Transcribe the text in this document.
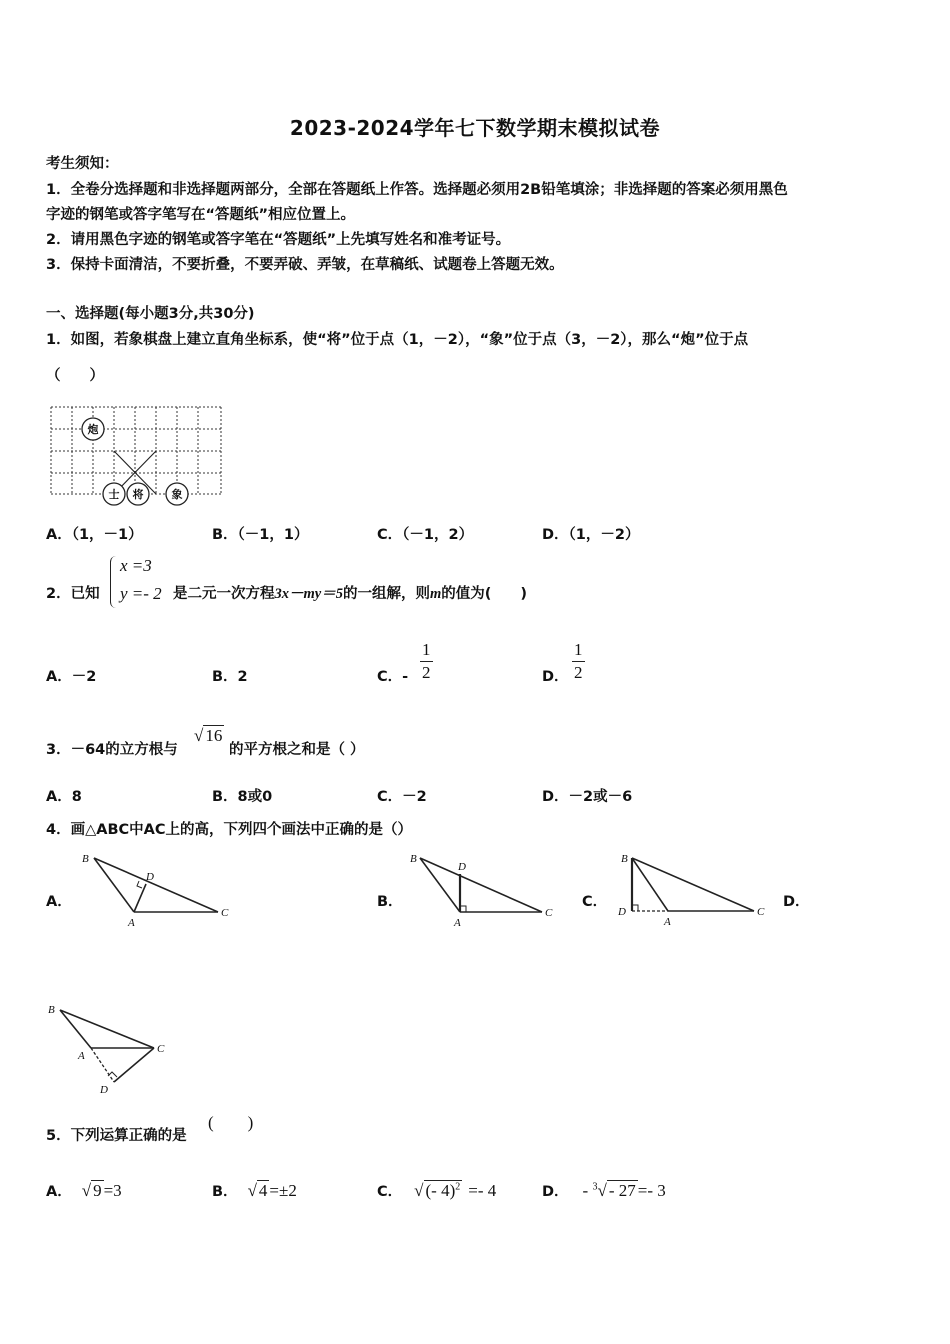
2023-2024学年七下数学期末模拟试卷
考生须知：
1．全卷分选择题和非选择题两部分，全部在答题纸上作答。选择题必须用2B铅笔填涂；非选择题的答案必须用黑色
字迹的钢笔或答字笔写在“答题纸”相应位置上。
2．请用黑色字迹的钢笔或答字笔在“答题纸”上先填写姓名和准考证号。
3．保持卡面清洁，不要折叠，不要弄破、弄皱，在草稿纸、试题卷上答题无效。
一、选择题(每小题3分,共30分)
1．如图，若象棋盘上建立直角坐标系，使“将”位于点（1，－2），“象”位于点（3，－2），那么“炮”位于点
（　　）
炮
士 将	象
A．（1，－1）	B．（－1，1）	C．（－1，2）	D．（1，－2）
2．已知
x =3
y =- 2 是二元一次方程3x－my＝5的一组解，则m的值为(　　)
A．－2	B．2	C．- $\frac{1}{2}$	D． $\frac{1}{2}$
3．－64的立方根与
√ 16
的平方根之和是（ ）
A．8	B．8或0	C．－2	D．－2或－6
4．画△ABC中AC上的高，下列四个画法中正确的是（）
A．
B
D
A
C
B．
B
D
A
C
C．
B
D
A
C
D．
B
A
C
D
5．下列运算正确的是
(　　)
A． √ 9 =3	B． √ 4 =±2	C． √ (- 4)$^2$ =- 4	D． - $^3$√ - 27 =- 3
